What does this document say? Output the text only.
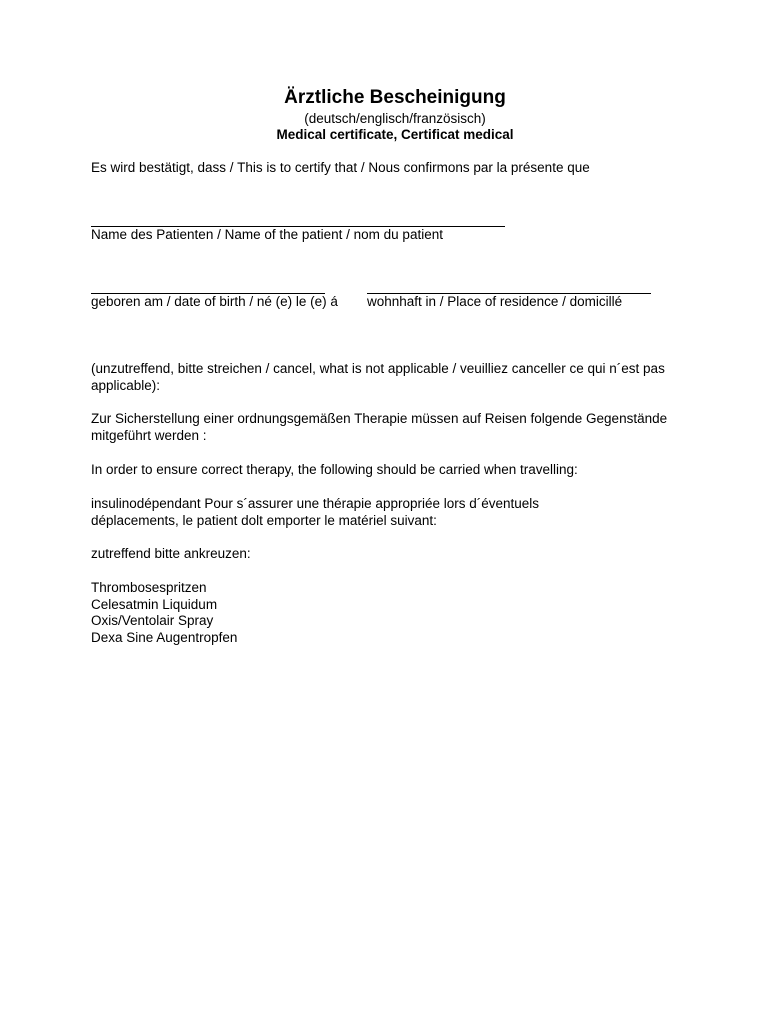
Ärztliche Bescheinigung
(deutsch/englisch/französisch)
Medical certificate, Certificat medical
Es wird bestätigt, dass / This is to certify that / Nous confirmons par la présente que
Name des Patienten / Name of the patient / nom du patient
geboren am / date of birth / né (e) le (e) á	wohnhaft in / Place of residence / domicillé
(unzutreffend, bitte streichen / cancel, what is not applicable / veuilliez canceller ce qui n´est pas applicable):
Zur Sicherstellung einer ordnungsgemäßen Therapie müssen auf Reisen folgende Gegenstände mitgeführt werden :
In order to ensure correct therapy, the following should be carried when travelling:
insulinodépendant Pour s´assurer une thérapie appropriée lors d´éventuels déplacements, le patient dolt emporter le matériel suivant:
zutreffend bitte ankreuzen:
Thrombosespritzen
Celesatmin Liquidum
Oxis/Ventolair Spray
Dexa Sine Augentropfen
